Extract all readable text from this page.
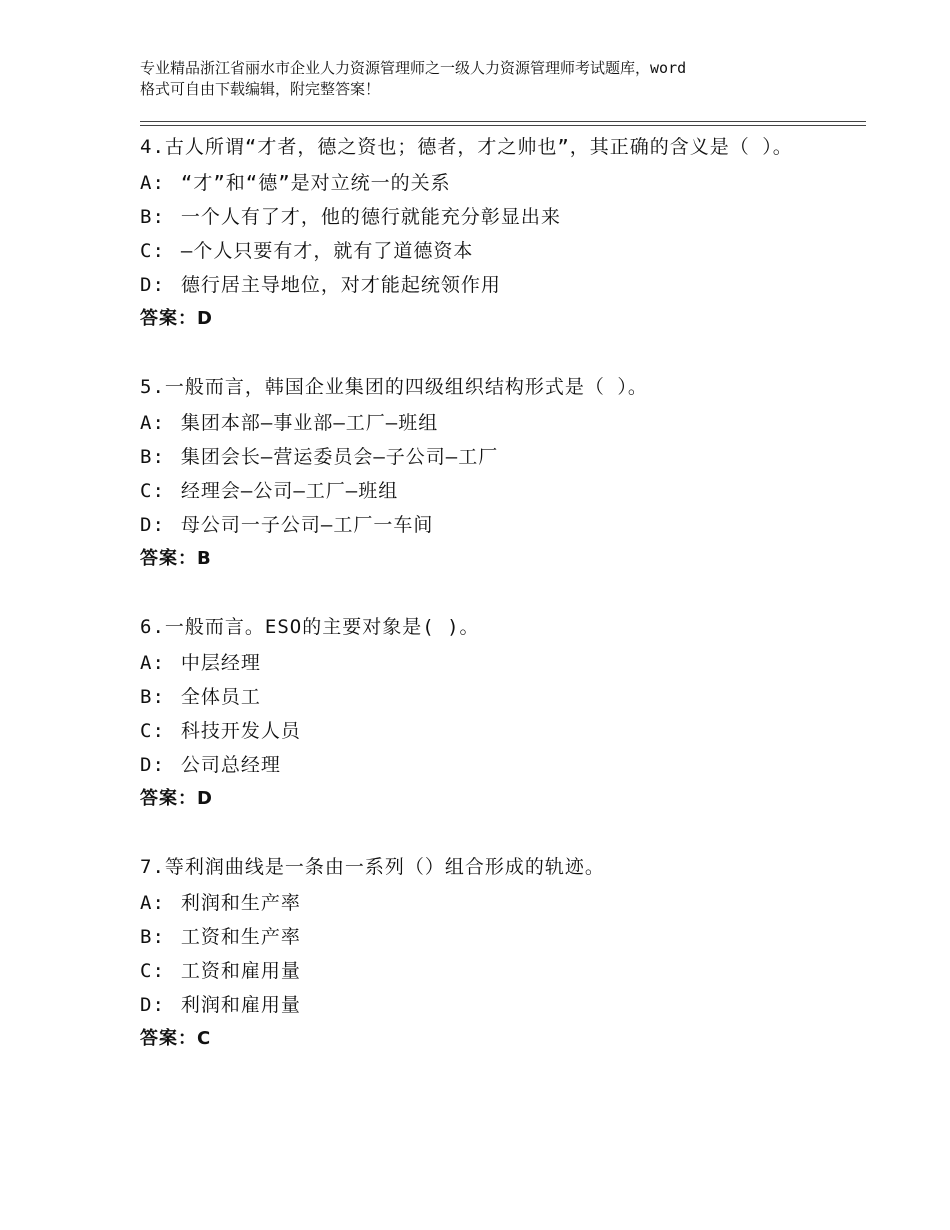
专业精品浙江省丽水市企业人力资源管理师之一级人力资源管理师考试题库，word
格式可自由下载编辑，附完整答案！
4.古人所谓“才者，德之资也；德者，才之帅也”，其正确的含义是（ ）。
A: “才”和“德”是对立统一的关系
B: 一个人有了才，他的德行就能充分彰显出来
C: —个人只要有才，就有了道德资本
D: 德行居主导地位，对才能起统领作用
答案：D
5.一般而言，韩国企业集团的四级组织结构形式是（ ）。
A: 集团本部—事业部—工厂—班组
B: 集团会长—营运委员会—子公司—工厂
C: 经理会—公司—工厂—班组
D: 母公司一子公司—工厂一车间
答案：B
6.一般而言。ESO的主要对象是( )。
A: 中层经理
B: 全体员工
C: 科技开发人员
D: 公司总经理
答案：D
7.等利润曲线是一条由一系列（）组合形成的轨迹。
A: 利润和生产率
B: 工资和生产率
C: 工资和雇用量
D: 利润和雇用量
答案：C
